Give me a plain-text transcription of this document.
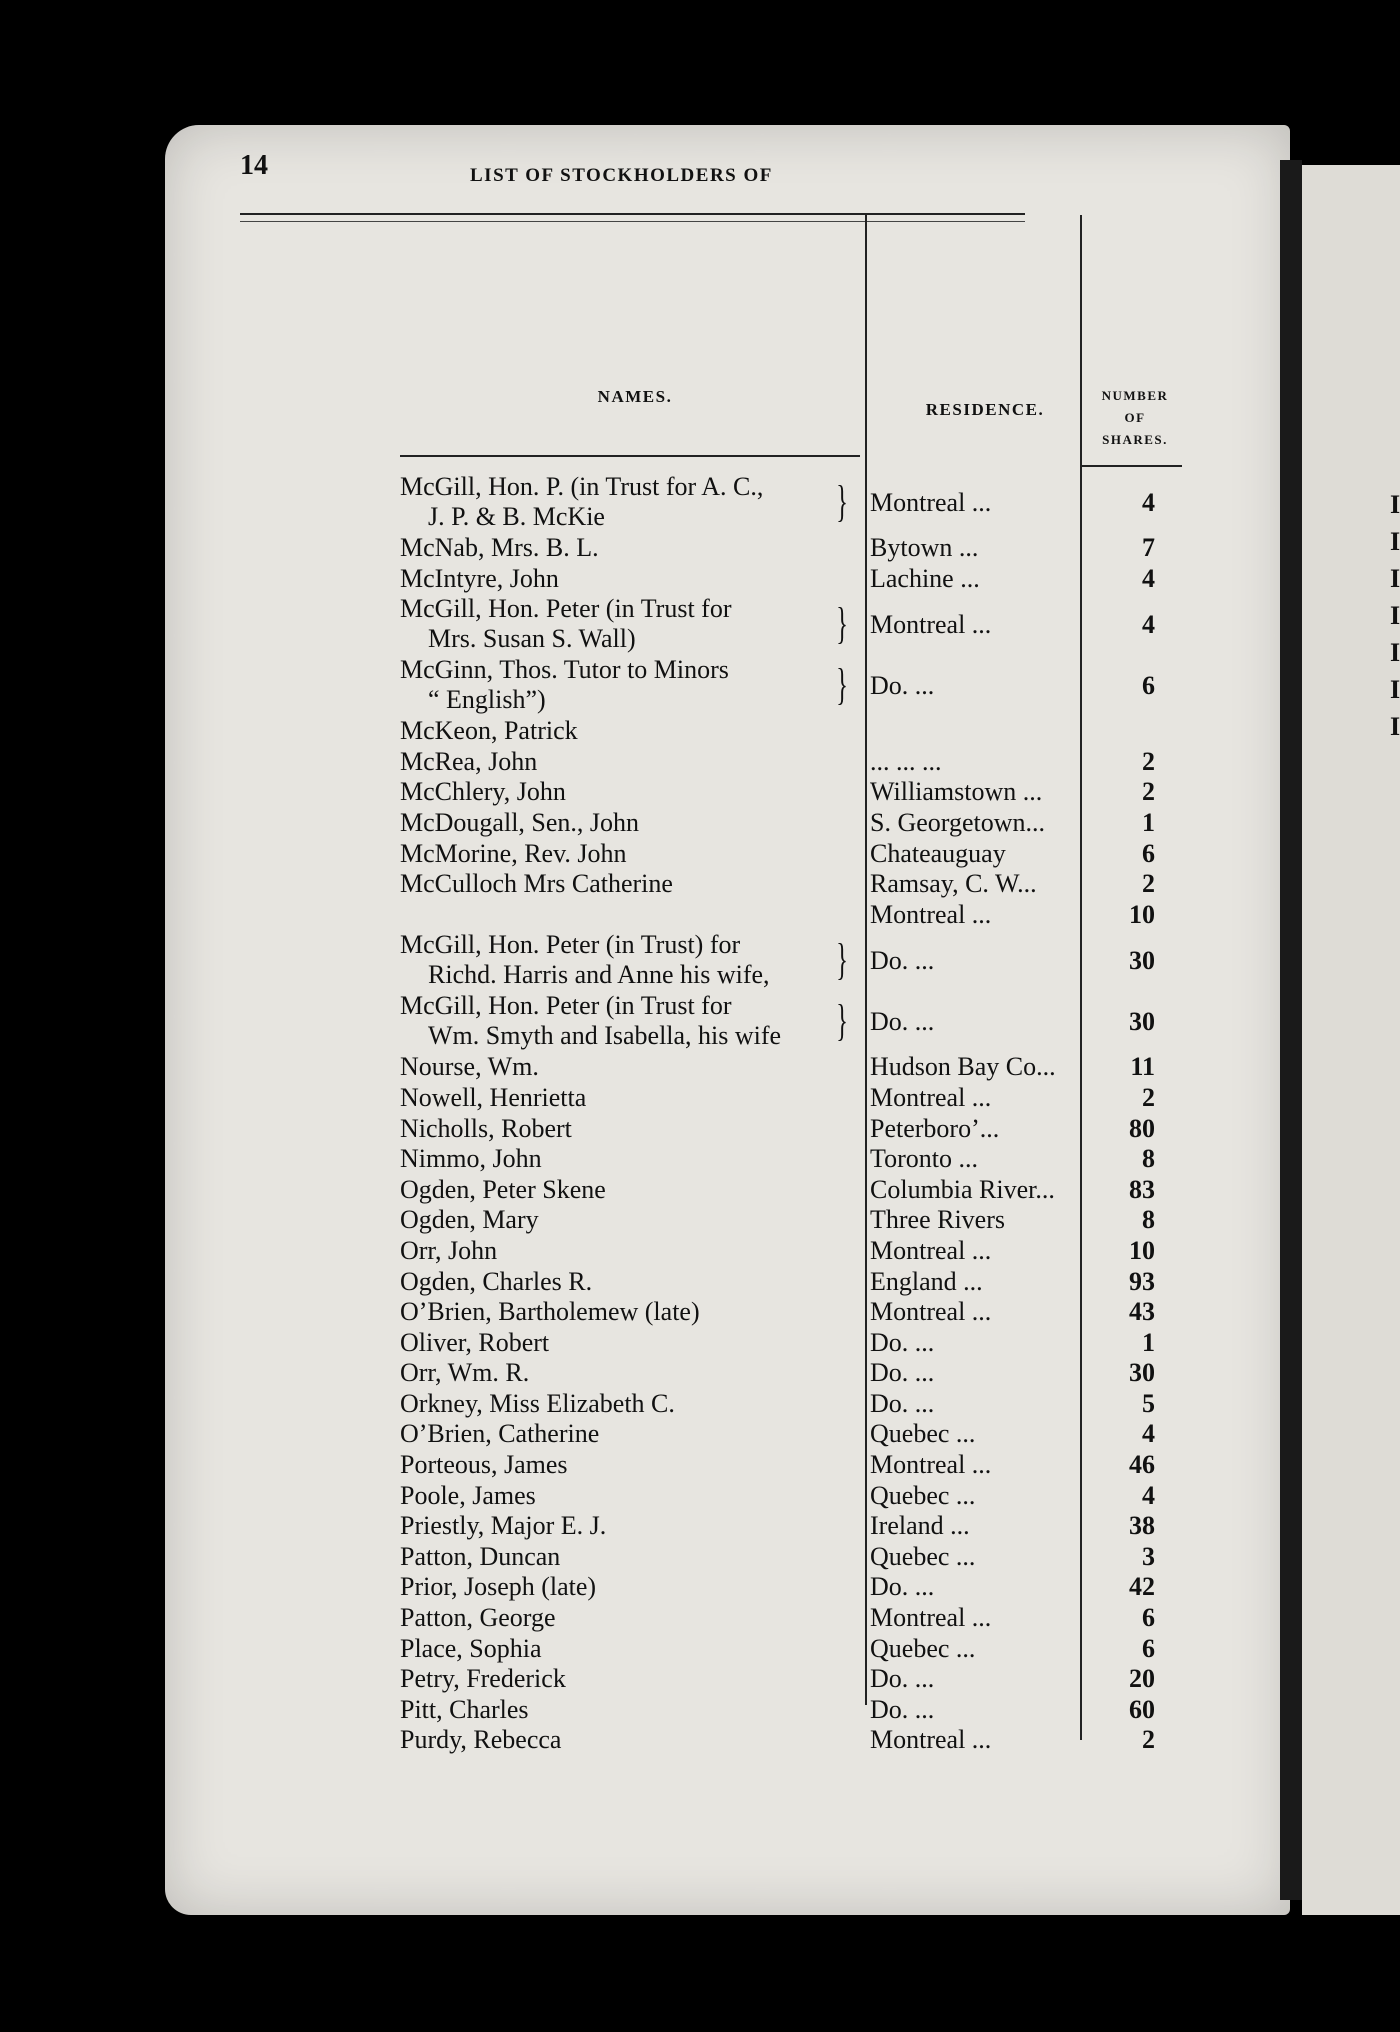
I
I
I
I
I
I
I
14	LIST OF STOCKHOLDERS OF
NAMES.
RESIDENCE.
NUMBER
OF
SHARES.
McGill, Hon. P. (in Trust for A. C.,
J. P. & B. McKie	} Montreal ...	4
McNab, Mrs. B. L.	Bytown ...	7
McIntyre, John	Lachine ...	4
McGill, Hon. Peter (in Trust for
Mrs. Susan S. Wall)	} Montreal ...	4
McGinn, Thos. Tutor to Minors
“ English”)	} Do. ...	6
McKeon, Patrick
McRea, John	... ... ...	2
McChlery, John	Williamstown ...	2
McDougall, Sen., John	S. Georgetown...	1
McMorine, Rev. John	Chateauguay	6
McCulloch Mrs Catherine	Ramsay, C. W...	2
Montreal ...	10
McGill, Hon. Peter (in Trust) for
Richd. Harris and Anne his wife,	} Do. ...	30
McGill, Hon. Peter (in Trust for
Wm. Smyth and Isabella, his wife	} Do. ...	30
Nourse, Wm.	Hudson Bay Co...	11
Nowell, Henrietta	Montreal ...	2
Nicholls, Robert	Peterboro’...	80
Nimmo, John	Toronto ...	8
Ogden, Peter Skene	Columbia River...	83
Ogden, Mary	Three Rivers	8
Orr, John	Montreal ...	10
Ogden, Charles R.	England ...	93
O’Brien, Bartholemew (late)	Montreal ...	43
Oliver, Robert	Do. ...	1
Orr, Wm. R.	Do. ...	30
Orkney, Miss Elizabeth C.	Do. ...	5
O’Brien, Catherine	Quebec ...	4
Porteous, James	Montreal ...	46
Poole, James	Quebec ...	4
Priestly, Major E. J.	Ireland ...	38
Patton, Duncan	Quebec ...	3
Prior, Joseph (late)	Do. ...	42
Patton, George	Montreal ...	6
Place, Sophia	Quebec ...	6
Petry, Frederick	Do. ...	20
Pitt, Charles	Do. ...	60
Purdy, Rebecca	Montreal ...	2
